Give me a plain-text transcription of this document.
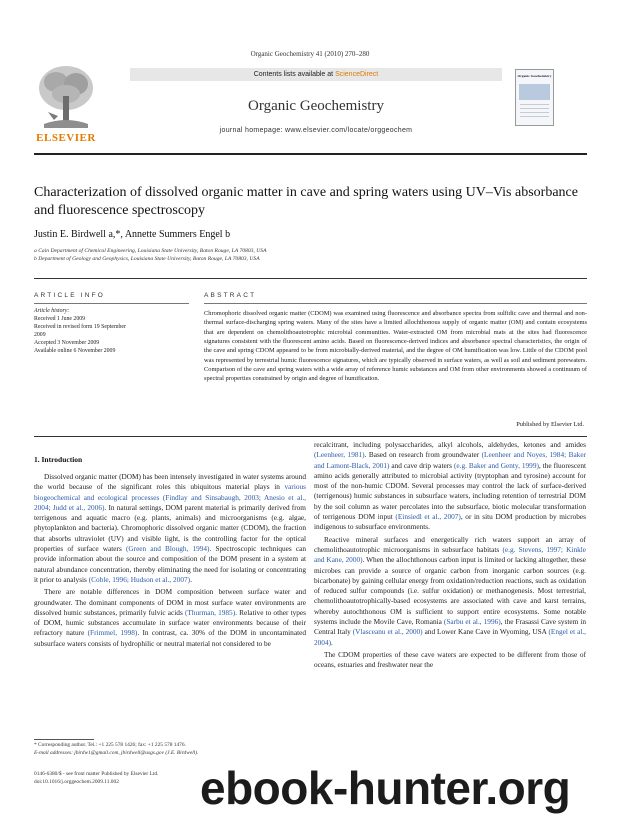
Organic Geochemistry 41 (2010) 270–280
ELSEVIER
Contents lists available at ScienceDirect
Organic Geochemistry
journal homepage: www.elsevier.com/locate/orggeochem
Organic Geochemistry
Characterization of dissolved organic matter in cave and spring waters using UV–Vis absorbance and fluorescence spectroscopy
Justin E. Birdwell a,*, Annette Summers Engel b
a Cain Department of Chemical Engineering, Louisiana State University, Baton Rouge, LA 70803, USA
b Department of Geology and Geophysics, Louisiana State University, Baton Rouge, LA 70803, USA
ARTICLE INFO
Article history:
Received 1 June 2009
Received in revised form 19 September
2009
Accepted 3 November 2009
Available online 6 November 2009
ABSTRACT
Chromophoric dissolved organic matter (CDOM) was examined using fluorescence and absorbance spectra from sulfidic cave and thermal and non-thermal surface-discharging spring waters. Many of the sites have a limited allochthonous supply of organic matter (OM) and contain ecosystems that are dependent on chemolithoautotrophic microbial communities. Water-extracted OM from microbial mats at the sites had fluorescence signatures consistent with the fluorescent amino acids. Based on fluorescence-derived indices and absorbance spectral characteristics, the origin of the cave and spring CDOM appeared to be from microbially-derived material, and the degree of OM humification was low. Little of the CDOM pool was represented by terrestrial humic fluorescence signatures, which are typically observed in surface waters, as well as soil and sediment porewaters. Comparison of the cave and spring waters with a wide array of reference humic substances and OM from other environments showed a continuum of spectral properties constrained by origin and degree of humification.
Published by Elsevier Ltd.
1. Introduction

Dissolved organic matter (DOM) has been intensely investigated in water systems around the world because of the significant roles this ubiquitous material plays in various biogeochemical and ecological processes (Findlay and Sinsabaugh, 2003; Anesio et al., 2004; Judd et al., 2006). In natural settings, DOM parent material is primarily derived from terrigenous and aquatic macro (e.g. plants, animals) and microorganisms (e.g. algae, phytoplankton and bacteria). Chromophoric dissolved organic matter (CDOM), the fraction that absorbs ultraviolet (UV) and visible light, is the controlling factor for the optical properties of surface waters (Green and Blough, 1994). Spectroscopic techniques can provide information about the source and composition of the DOM present in a system at natural abundance concentration, thereby eliminating the need for isolating or concentrating it prior to analysis (Coble, 1996; Hudson et al., 2007).

There are notable differences in DOM composition between surface water and groundwater. The dominant components of DOM in most surface water environments are dissolved humic substances, primarily fulvic acids (Thurman, 1985). Relative to other types of DOM, humic substances accumulate in surface water environments because of their refractory nature (Frimmel, 1998). In contrast, ca. 30% of the DOM in uncontaminated subsurface waters consists of hydrophilic or neutral material not considered to be

recalcitrant, including polysaccharides, alkyl alcohols, aldehydes, ketones and amides (Leenheer, 1981). Based on research from groundwater (Leenheer and Noyes, 1984; Baker and Lamont-Black, 2001) and cave drip waters (e.g. Baker and Genty, 1999), the fluorescent amino acids generally attributed to microbial activity (tryptophan and tyrosine) account for most of the non-humic CDOM. Several processes may control the lack of surface-derived (terrigenous) humic substances in subsurface waters, including retention of terrestrial DOM by the soil column as water percolates into the subsurface, biotic molecular transformation of terrigenous DOM input (Einsiedl et al., 2007), or in situ DOM production by microbes indigenous to subsurface environments.

Reactive mineral surfaces and energetically rich waters support an array of chemolithoautotrophic microorganisms in subsurface habitats (e.g. Stevens, 1997; Kinkle and Kane, 2000). When the allochthonous carbon input is limited or lacking altogether, these microbes can provide a source of organic carbon from inorganic carbon sources (e.g. bicarbonate) by gaining cellular energy from oxidation/reduction reactions, such as oxidation of reduced sulfur compounds (i.e. sulfur oxidation) or methanogenesis. Most terrestrial, chemolithoautotrophically-based ecosystems are associated with cave and karst terrains, whereby autochthonous OM is sufficient to support entire ecosystems. Some notable systems include the Movile Cave, Romania (Sarbu et al., 1996), the Frasassi Cave system in Central Italy (Vlasceanu et al., 2000) and Lower Kane Cave in Wyoming, USA (Engel et al., 2004).

The CDOM properties of these cave waters are expected to be different from those of oceans, estuaries and freshwater near the

* Corresponding author. Tel.: +1 225 578 1426; fax: +1 225 578 1476.
E-mail addresses: jbirdw1@gmail.com, jbirdwell@usgs.gov (J.E. Birdwell).
0146-6380/$ - see front matter Published by Elsevier Ltd.
doi:10.1016/j.orggeochem.2009.11.002 ebook-hunter.org
